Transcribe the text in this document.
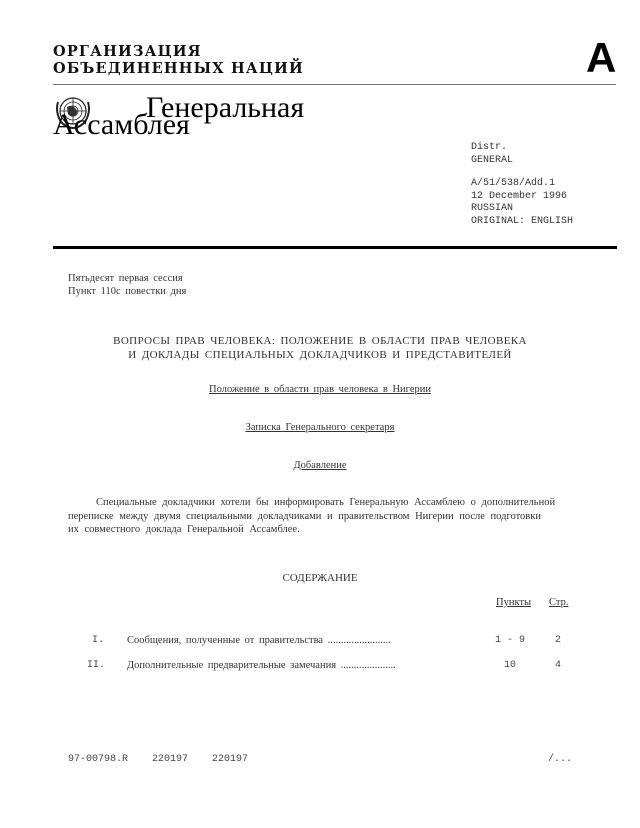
ОРГАНИЗАЦИЯ
ОБЪЕДИНЕННЫХ НАЦИЙ	A
Генеральная
Ассамблея
Distr.
GENERAL
A/51/538/Add.1
12 December 1996
RUSSIAN
ORIGINAL: ENGLISH
Пятьдесят первая сессия
Пункт 110c повестки дня
ВОПРОСЫ ПРАВ ЧЕЛОВЕКА: ПОЛОЖЕНИЕ В ОБЛАСТИ ПРАВ ЧЕЛОВЕКА
И ДОКЛАДЫ СПЕЦИАЛЬНЫХ ДОКЛАДЧИКОВ И ПРЕДСТАВИТЕЛЕЙ
Положение в области прав человека в Нигерии
Записка Генерального секретаря
Добавление
Специальные докладчики хотели бы информировать Генеральную Ассамблею о дополнительной
переписке между двумя специальными докладчиками и правительством Нигерии после подготовки
их совместного доклада Генеральной Ассамблее.
СОДЕРЖАНИЕ
Пункты Стр.
I. Сообщения, полученные от правительства ........................	1 - 9	2
II. Дополнительные предварительные замечания .....................	10	4
97-00798.R 220197 220197	/...
